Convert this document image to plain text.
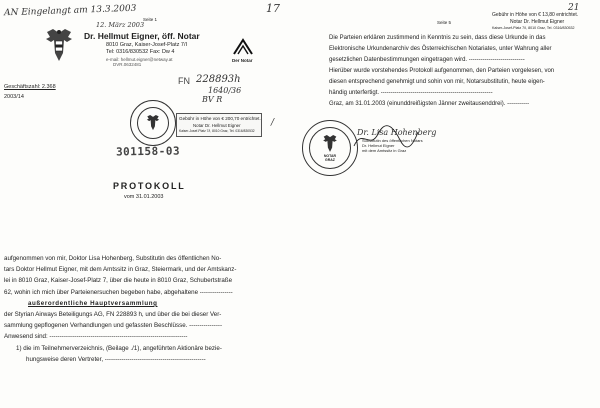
AN Eingelangt am 13.3.2003
12. März 2003
17	21
Seite 1
Dr. Hellmut Eigner, öff. Notar
8010 Graz, Kaiser-Josef-Platz 7/I
Tel: 0316/830532 Fax: Dw 4
e-mail: hellmut.eigner@netway.at
DVR.0632481
Der Notar
Geschäftszahl: 2.368
2003/14
FN 228893h
1640/36
BV R
Gebühr in Höhe von € 200,70 entrichtet.
Notar Dr. Hellmut Eigner
Kaiser-Josef-Platz 7/I, 8010 Graz, Tel. 0316/830532
/
301158-03
PROTOKOLL
vom 31.01.2003
aufgenommen von mir, Doktor Lisa Hohenberg, Substitutin des öffentlichen No-
tars Doktor Hellmut Eigner, mit dem Amtssitz in Graz, Steiermark, und der Amtskanz-
lei in 8010 Graz, Kaiser-Josef-Platz 7, über die heute in 8010 Graz, Schubertstraße
62, wohin ich mich über Parteienersuchen begeben habe, abgehaltene ----------------
außerordentliche Hauptversammlung
der Styrian Airways Beteiligungs AG, FN 228893 h, und über die bei dieser Ver-
sammlung gepflogenen Verhandlungen und gefassten Beschlüsse. ----------------
Anwesend sind: -------------------------------------------------------------------
1) die im Teilnehmerverzeichnis, (Beilage ./1), angeführten Aktionäre bezie-
hungsweise deren Vertreter, -------------------------------------------------
Seite 5
Gebühr in Höhe von € 13,80 entrichtet.
Notar Dr. Hellmut Eigner
Kaiser-Josef-Platz 7/I, 8010 Graz, Tel. 0316/830532
Die Parteien erklären zustimmend in Kenntnis zu sein, dass diese Urkunde in das
Elektronische Urkundenarchiv des Österreichischen Notariates, unter Wahrung aller
gesetzlichen Datenbestimmungen eingetragen wird. ----------------------------
Hierüber wurde vorstehendes Protokoll aufgenommen, den Parteien vorgelesen, von
diesen entsprechend genehmigt und sohin von mir, Notarsubstitutin, heute eigen-
händig unterfertigt. --------------------------------------------------------
Graz, am 31.01.2003 (einunddreißigsten Jänner zweitausenddrei). -----------
NOTAR
GRAZ
Dr. Lisa Hohenberg
Substitutin des öffentlichen Notars
Dr. Hellmut Eigner
mit dem Amtssitz in Graz
